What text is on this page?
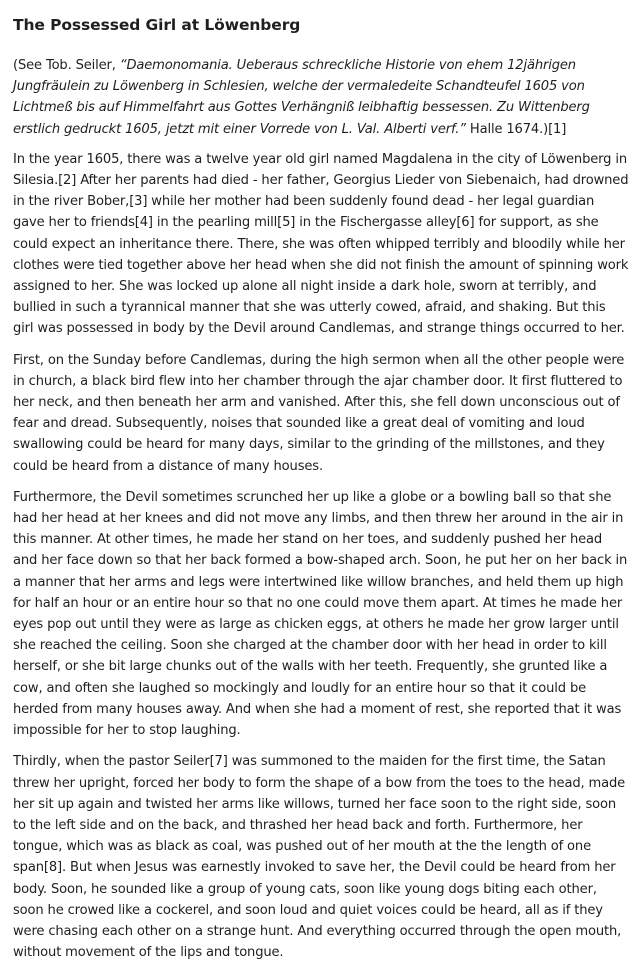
The Possessed Girl at Löwenberg

(See Tob. Seiler, “Daemonomania. Ueberaus schreckliche Historie von ehem 12jährigen Jungfräulein zu Löwenberg in Schlesien, welche der vermaledeite Schandteufel 1605 von Lichtmeß bis auf Himmelfahrt aus Gottes Verhängniß leibhaftig bessessen. Zu Wittenberg erstlich gedruckt 1605, jetzt mit einer Vorrede von L. Val. Alberti verf.” Halle 1674.)[1]

In the year 1605, there was a twelve year old girl named Magdalena in the city of Löwenberg in Silesia.[2] After her parents had died - her father, Georgius Lieder von Siebenaich, had drowned in the river Bober,[3] while her mother had been suddenly found dead - her legal guardian gave her to friends[4] in the pearling mill[5] in the Fischergasse alley[6] for support, as she could expect an inheritance there. There, she was often whipped terribly and bloodily while her clothes were tied together above her head when she did not finish the amount of spinning work assigned to her. She was locked up alone all night inside a dark hole, sworn at terribly, and bullied in such a tyrannical manner that she was utterly cowed, afraid, and shaking. But this girl was possessed in body by the Devil around Candlemas, and strange things occurred to her.

First, on the Sunday before Candlemas, during the high sermon when all the other people were in church, a black bird flew into her chamber through the ajar chamber door. It first fluttered to her neck, and then beneath her arm and vanished. After this, she fell down unconscious out of fear and dread. Subsequently, noises that sounded like a great deal of vomiting and loud swallowing could be heard for many days, similar to the grinding of the millstones, and they could be heard from a distance of many houses.

Furthermore, the Devil sometimes scrunched her up like a globe or a bowling ball so that she had her head at her knees and did not move any limbs, and then threw her around in the air in this manner. At other times, he made her stand on her toes, and suddenly pushed her head and her face down so that her back formed a bow-shaped arch. Soon, he put her on her back in a manner that her arms and legs were intertwined like willow branches, and held them up high for half an hour or an entire hour so that no one could move them apart. At times he made her eyes pop out until they were as large as chicken eggs, at others he made her grow larger until she reached the ceiling. Soon she charged at the chamber door with her head in order to kill herself, or she bit large chunks out of the walls with her teeth. Frequently, she grunted like a cow, and often she laughed so mockingly and loudly for an entire hour so that it could be herded from many houses away. And when she had a moment of rest, she reported that it was impossible for her to stop laughing.

Thirdly, when the pastor Seiler[7] was summoned to the maiden for the first time, the Satan threw her upright, forced her body to form the shape of a bow from the toes to the head, made her sit up again and twisted her arms like willows, turned her face soon to the right side, soon to the left side and on the back, and thrashed her head back and forth. Furthermore, her tongue, which was as black as coal, was pushed out of her mouth at the the length of one span[8]. But when Jesus was earnestly invoked to save her, the Devil could be heard from her body. Soon, he sounded like a group of young cats, soon like young dogs biting each other, soon he crowed like a cockerel, and soon loud and quiet voices could be heard, all as if they were chasing each other on a strange hunt. And everything occurred through the open mouth, without movement of the lips and tongue.
